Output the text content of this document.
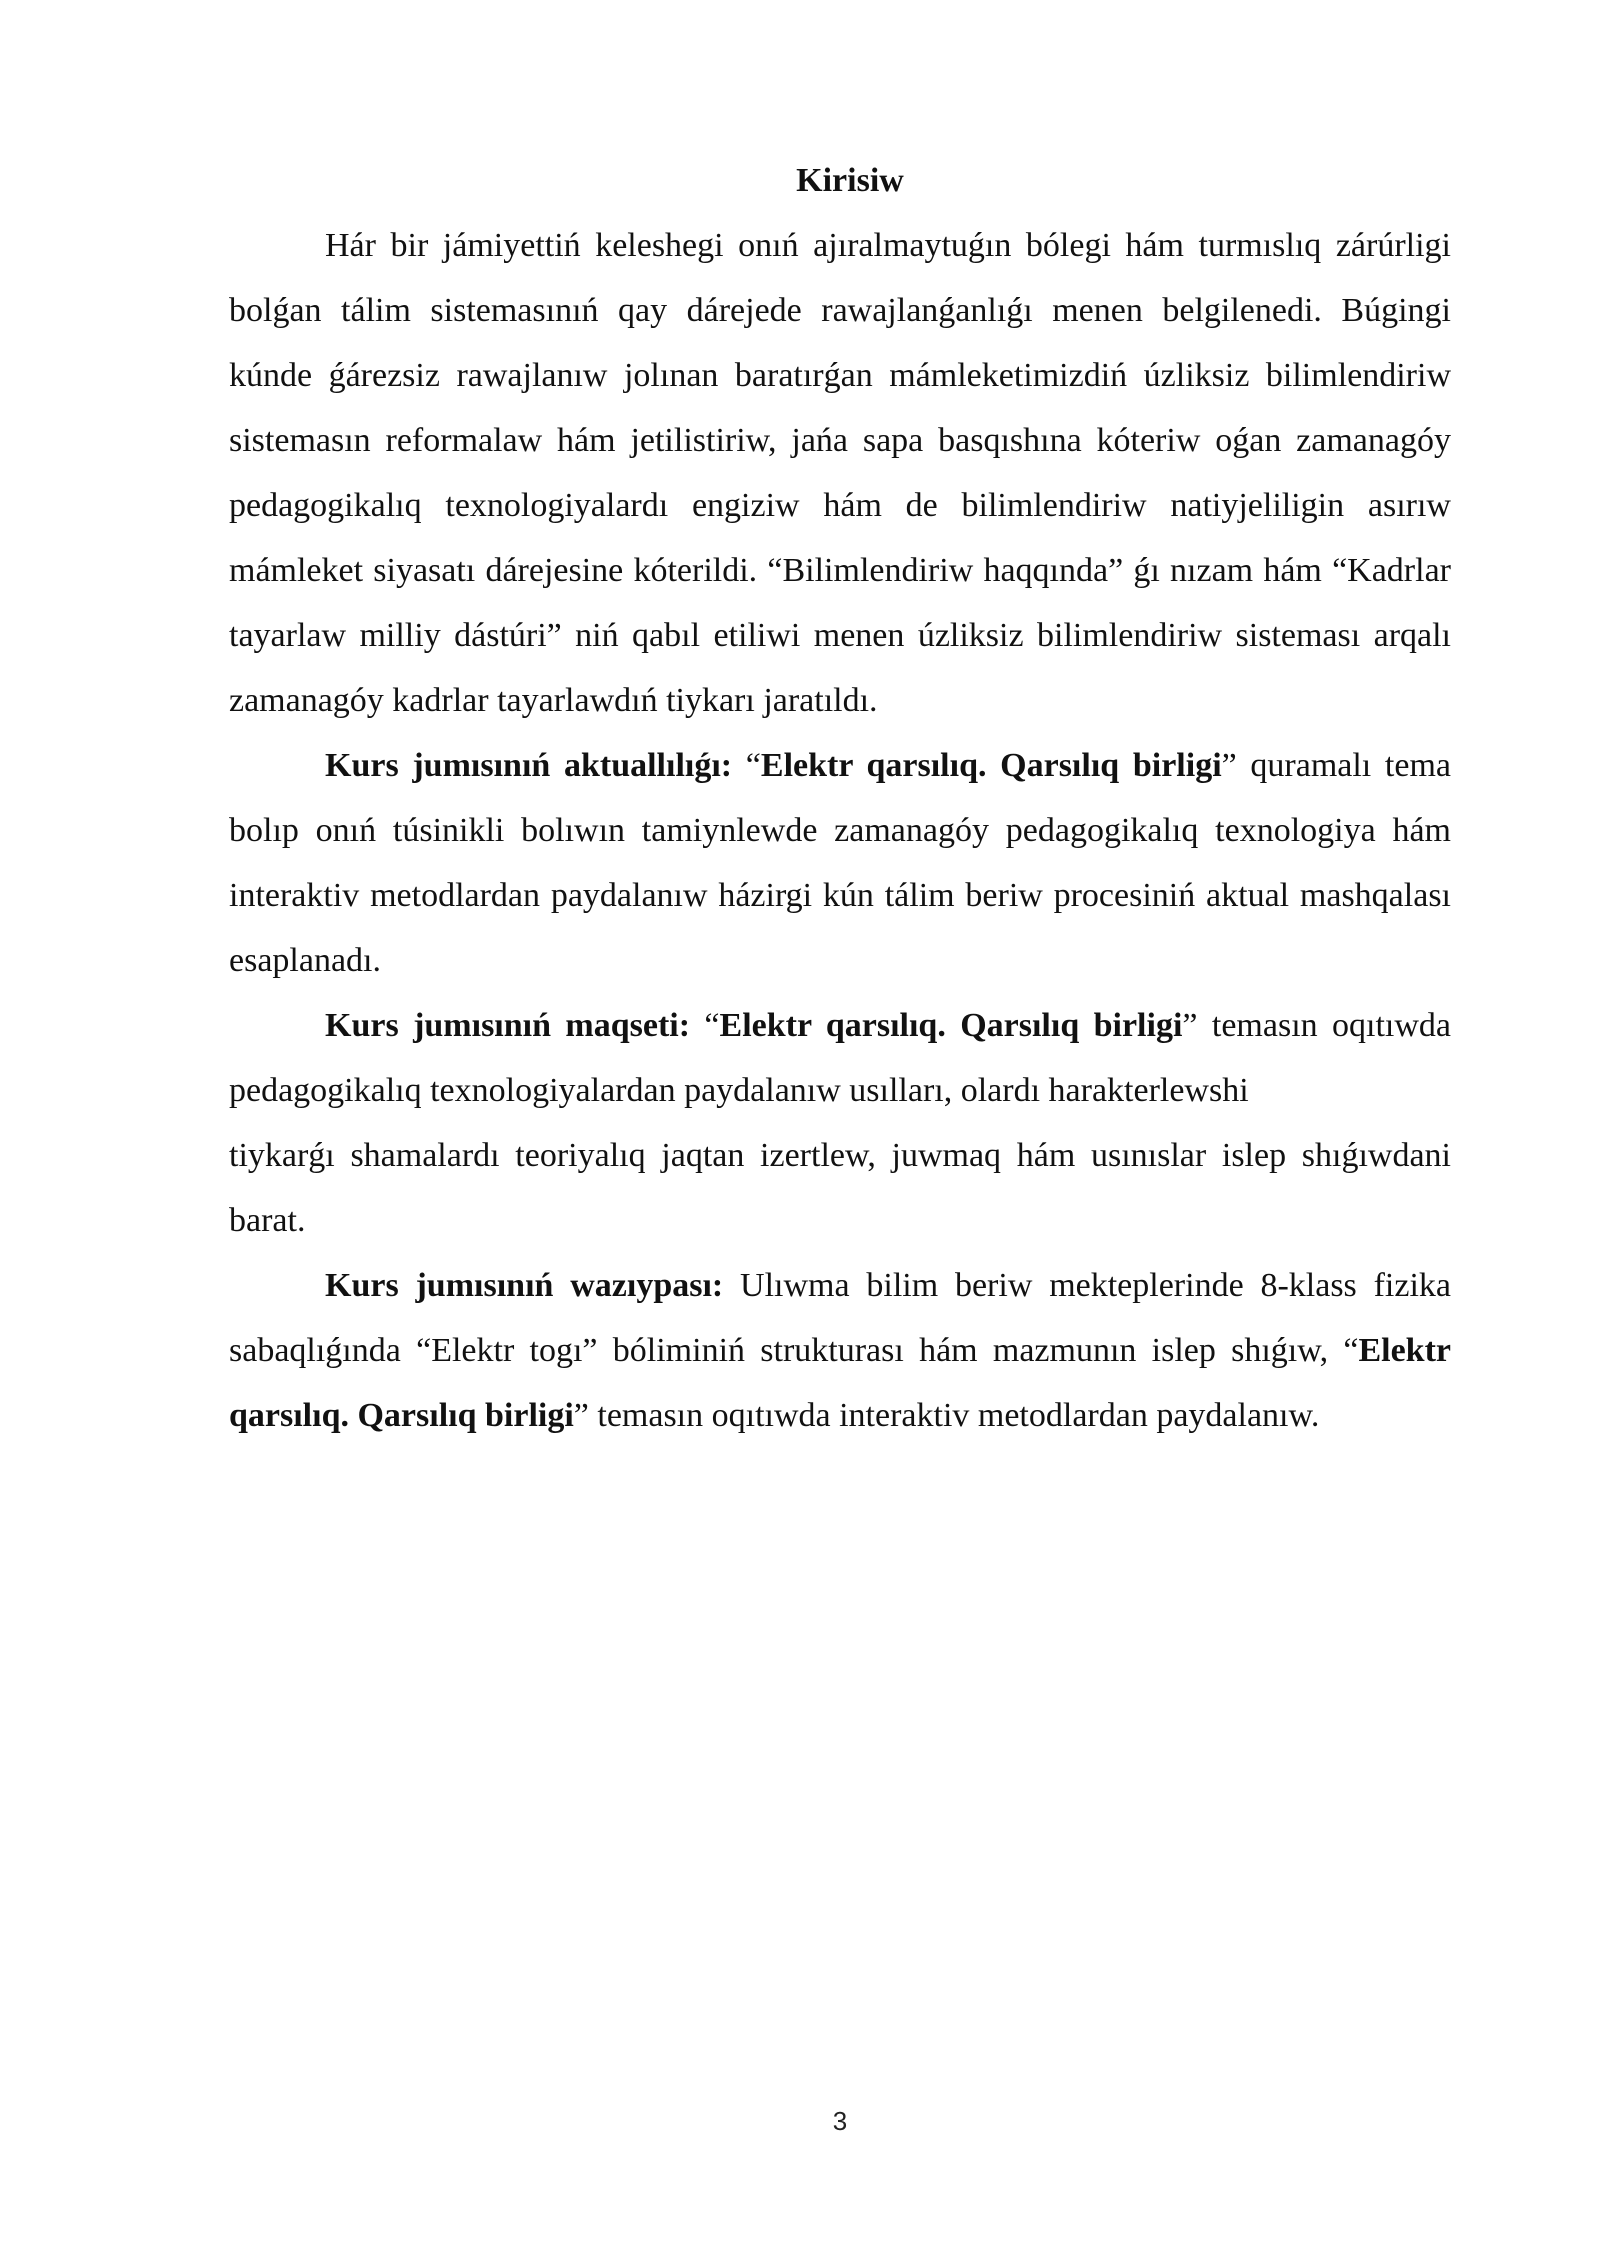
Kirisiw

Hár bir jámiyettiń keleshegi onıń ajıralmaytuǵın bólegi hám turmıslıq zárúrligi bolǵan tálim sistemasınıń qay dárejede rawajlanǵanlıǵı menen belgilenedi. Búgingi kúnde ǵárezsiz rawajlanıw jolınan baratırǵan mámleketimizdiń úzliksiz bilimlendiriw sistemasın reformalaw hám jetilistiriw, jańa sapa basqıshına kóteriw oǵan zamanagóy pedagogikalıq texnologiyalardı engiziw hám de bilimlendiriw natiyjeliligin asırıw mámleket siyasatı dárejesine kóterildi. “Bilimlendiriw haqqında” ǵı nızam hám “Kadrlar tayarlaw milliy dástúri” niń qabıl etiliwi menen úzliksiz bilimlendiriw sisteması arqalı zamanagóy kadrlar tayarlawdıń tiykarı jaratıldı.

Kurs jumısınıń aktuallılıǵı: “Elektr qarsılıq. Qarsılıq birligi” quramalı tema bolıp onıń túsinikli bolıwın tamiynlewde zamanagóy pedagogikalıq texnologiya hám interaktiv metodlardan paydalanıw házirgi kún tálim beriw procesiniń aktual mashqalası esaplanadı.

Kurs jumısınıń maqseti: “Elektr qarsılıq. Qarsılıq birligi” temasın oqıtıwda pedagogikalıq texnologiyalardan paydalanıw usılları, olardı harakterlewshi

tiykarǵı shamalardı teoriyalıq jaqtan izertlew, juwmaq hám usınıslar islep shıǵıwdani barat.

Kurs jumısınıń wazıypası: Ulıwma bilim beriw mekteplerinde 8-klass fizika sabaqlıǵında “Elektr togı” bóliminiń strukturası hám mazmunın islep shıǵıw, “Elektr qarsılıq. Qarsılıq birligi” temasın oqıtıwda interaktiv metodlardan paydalanıw.

3
